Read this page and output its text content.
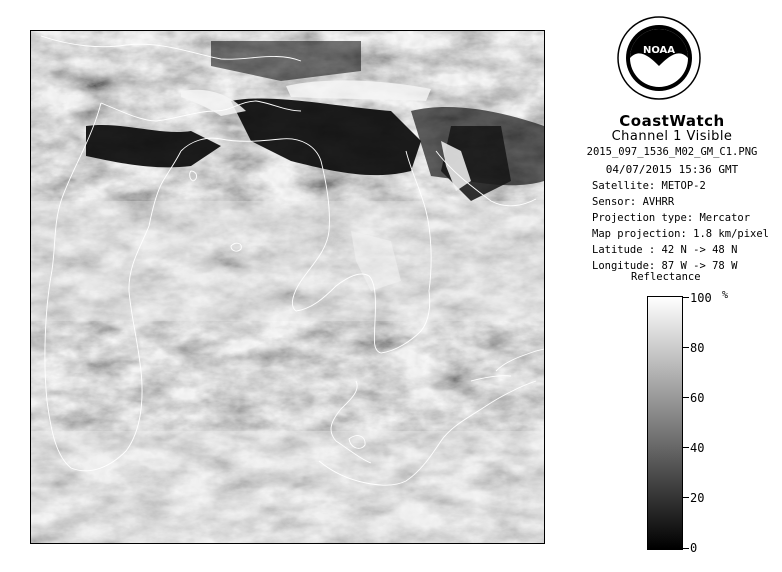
NOAA
CoastWatch
Channel 1 Visible
2015_097_1536_M02_GM_C1.PNG
04/07/2015 15:36 GMT
Satellite: METOP-2
Sensor: AVHRR
Projection type: Mercator
Map projection: 1.8 km/pixel
Latitude : 42 N -> 48 N
Longitude: 87 W -> 78 W
Reflectance
%
100
80
60
40
20
0
